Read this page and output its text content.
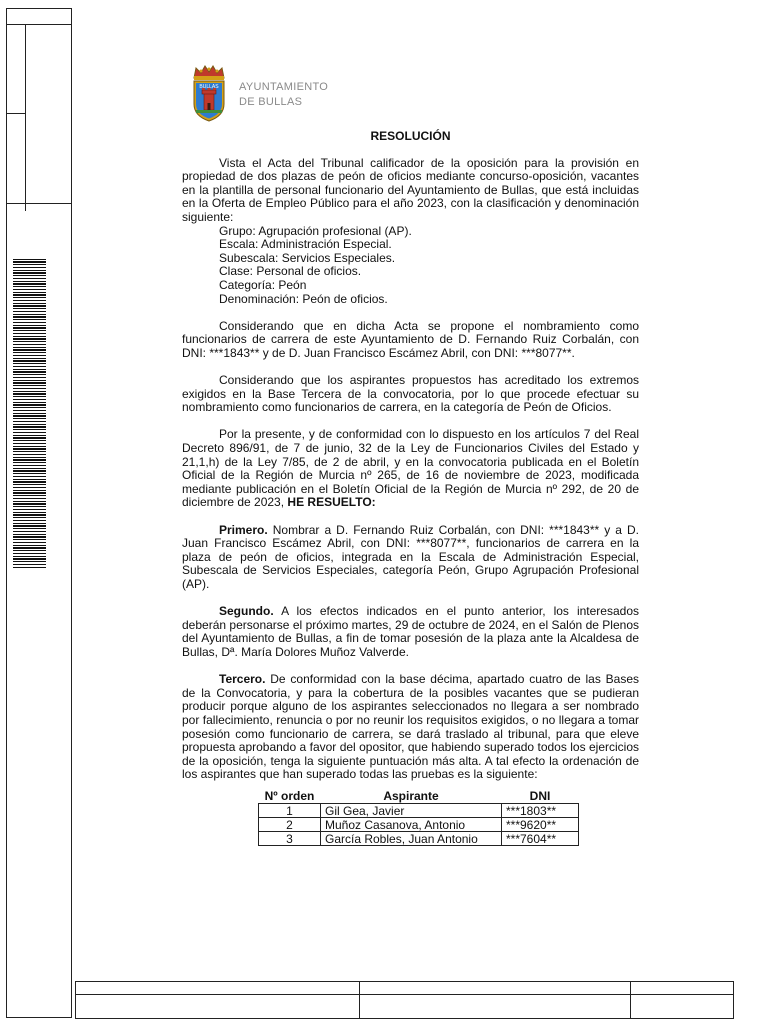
BULLAS AYUNTAMIENTO
DE BULLAS
RESOLUCIÓN

Vista el Acta del Tribunal calificador de la oposición para la provisión en propiedad de dos plazas de peón de oficios mediante concurso-oposición, vacantes en la plantilla de personal funcionario del Ayuntamiento de Bullas, que está incluidas en la Oferta de Empleo Público para el año 2023, con la clasificación y denominación siguiente:

Grupo: Agrupación profesional (AP).
Escala: Administración Especial.
Subescala: Servicios Especiales.
Clase: Personal de oficios.
Categoría: Peón
Denominación: Peón de oficios.

Considerando que en dicha Acta se propone el nombramiento como funcionarios de carrera de este Ayuntamiento de D. Fernando Ruiz Corbalán, con DNI: ***1843** y de D. Juan Francisco Escámez Abril, con DNI: ***8077**.

Considerando que los aspirantes propuestos has acreditado los extremos exigidos en la Base Tercera de la convocatoria, por lo que procede efectuar su nombramiento como funcionarios de carrera, en la categoría de Peón de Oficios.

Por la presente, y de conformidad con lo dispuesto en los artículos 7 del Real Decreto 896/91, de 7 de junio, 32 de la Ley de Funcionarios Civiles del Estado y 21,1,h) de la Ley 7/85, de 2 de abril, y en la convocatoria publicada en el Boletín Oficial de la Región de Murcia nº 265, de 16 de noviembre de 2023, modificada mediante publicación en el Boletín Oficial de la Región de Murcia nº 292, de 20 de diciembre de 2023, HE RESUELTO:

Primero. Nombrar a D. Fernando Ruiz Corbalán, con DNI: ***1843** y a D. Juan Francisco Escámez Abril, con DNI: ***8077**, funcionarios de carrera en la plaza de peón de oficios, integrada en la Escala de Administración Especial, Subescala de Servicios Especiales, categoría Peón, Grupo Agrupación Profesional (AP).

Segundo. A los efectos indicados en el punto anterior, los interesados deberán personarse el próximo martes, 29 de octubre de 2024, en el Salón de Plenos del Ayuntamiento de Bullas, a fin de tomar posesión de la plaza ante la Alcaldesa de Bullas, Dª. María Dolores Muñoz Valverde.

Tercero. De conformidad con la base décima, apartado cuatro de las Bases de la Convocatoria, y para la cobertura de la posibles vacantes que se pudieran producir porque alguno de los aspirantes seleccionados no llegara a ser nombrado por fallecimiento, renuncia o por no reunir los requisitos exigidos, o no llegara a tomar posesión como funcionario de carrera, se dará traslado al tribunal, para que eleve propuesta aprobando a favor del opositor, que habiendo superado todos los ejercicios de la oposición, tenga la siguiente puntuación más alta. A tal efecto la ordenación de los aspirantes que han superado todas las pruebas es la siguiente:

Nº orden	Aspirante	DNI
1	Gil Gea, Javier	***1803**
2	Muñoz Casanova, Antonio	***9620**
3	García Robles, Juan Antonio	***7604**
